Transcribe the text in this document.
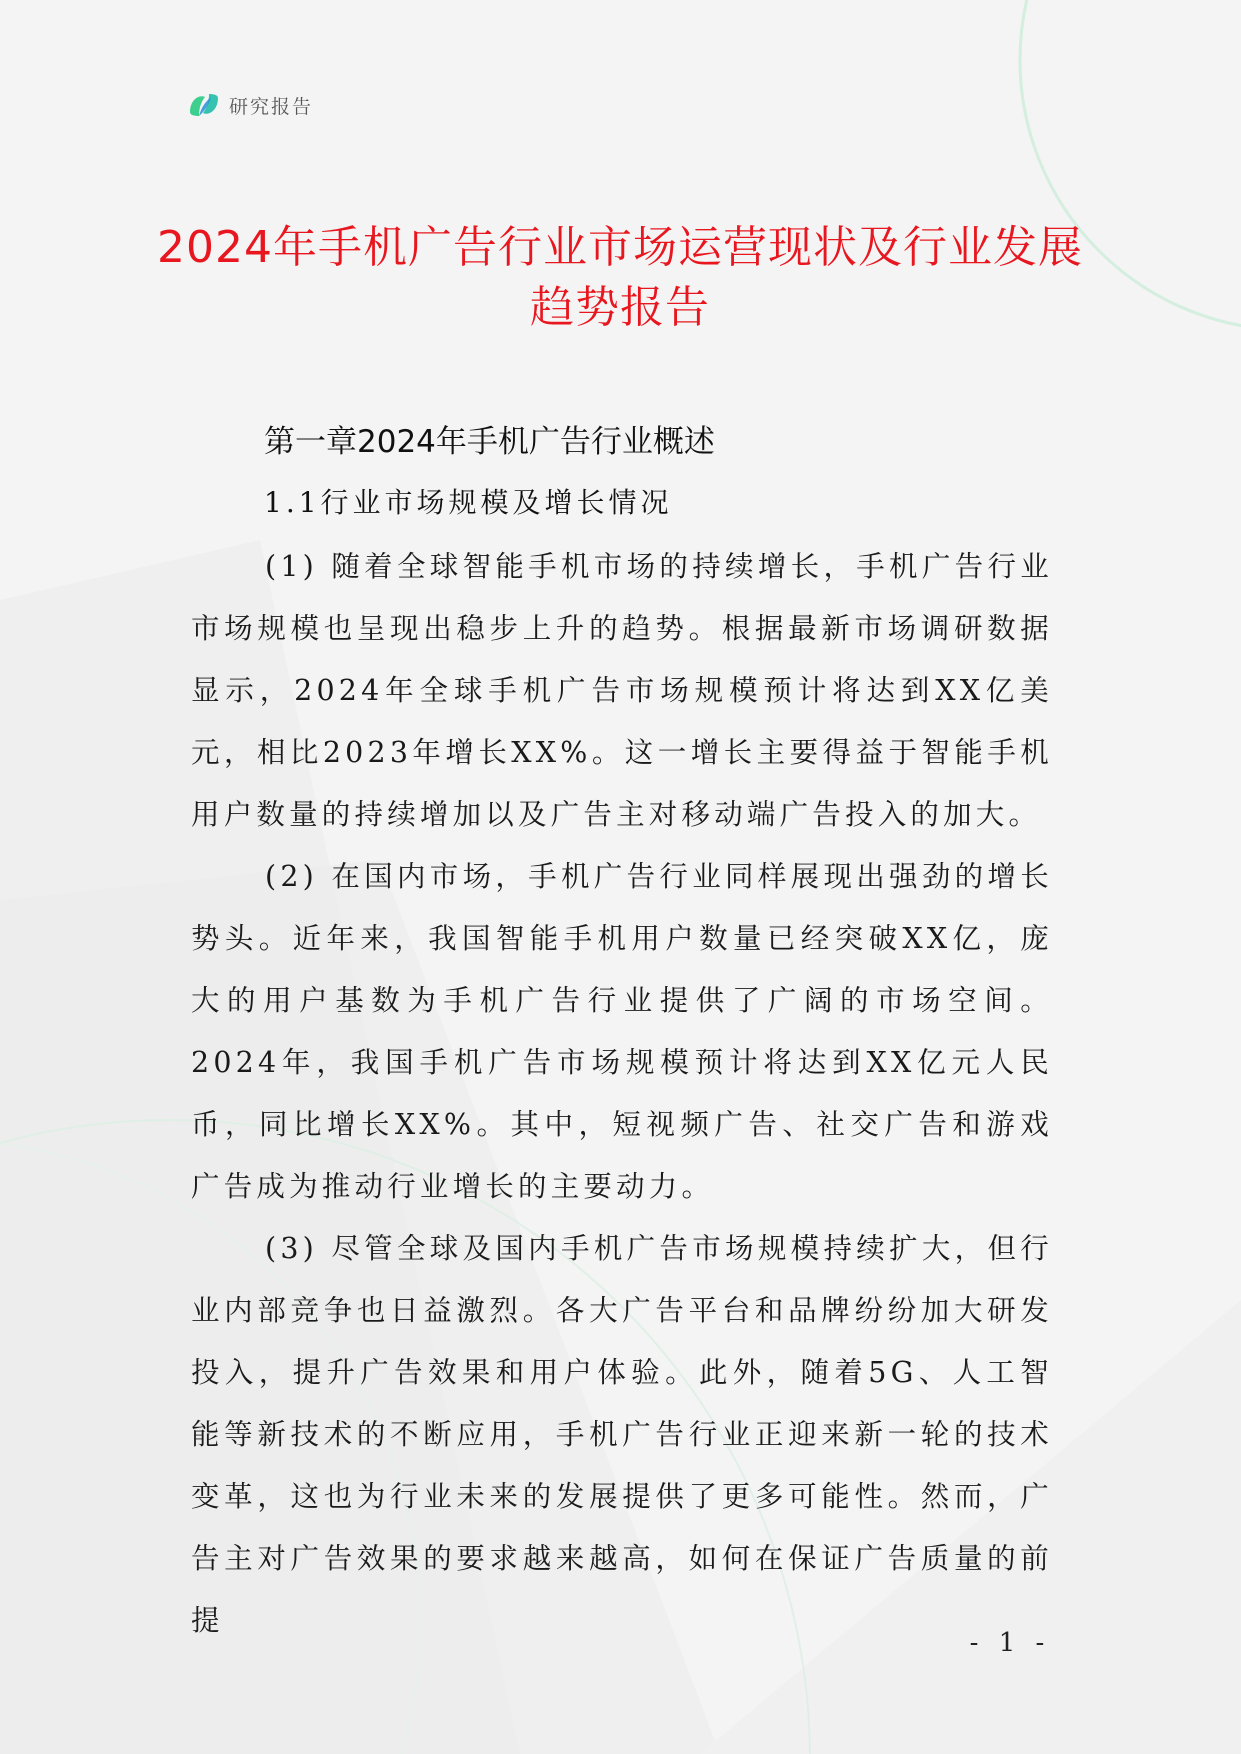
研究报告
2024年手机广告行业市场运营现状及行业发展趋势报告
第一章2024年手机广告行业概述
1.1行业市场规模及增长情况

(1) 随着全球智能手机市场的持续增长，手机广告行业市场规模也呈现出稳步上升的趋势。根据最新市场调研数据显示，2024年全球手机广告市场规模预计将达到XX亿美元，相比2023年增长XX%。这一增长主要得益于智能手机用户数量的持续增加以及广告主对移动端广告投入的加大。

(2) 在国内市场，手机广告行业同样展现出强劲的增长势头。近年来，我国智能手机用户数量已经突破XX亿，庞大的用户基数为手机广告行业提供了广阔的市场空间。2024年，我国手机广告市场规模预计将达到XX亿元人民币，同比增长XX%。其中，短视频广告、社交广告和游戏广告成为推动行业增长的主要动力。

(3) 尽管全球及国内手机广告市场规模持续扩大，但行业内部竞争也日益激烈。各大广告平台和品牌纷纷加大研发投入，提升广告效果和用户体验。此外，随着5G、人工智能等新技术的不断应用，手机广告行业正迎来新一轮的技术变革，这也为行业未来的发展提供了更多可能性。然而，广告主对广告效果的要求越来越高，如何在保证广告质量的前提

- 1 -
